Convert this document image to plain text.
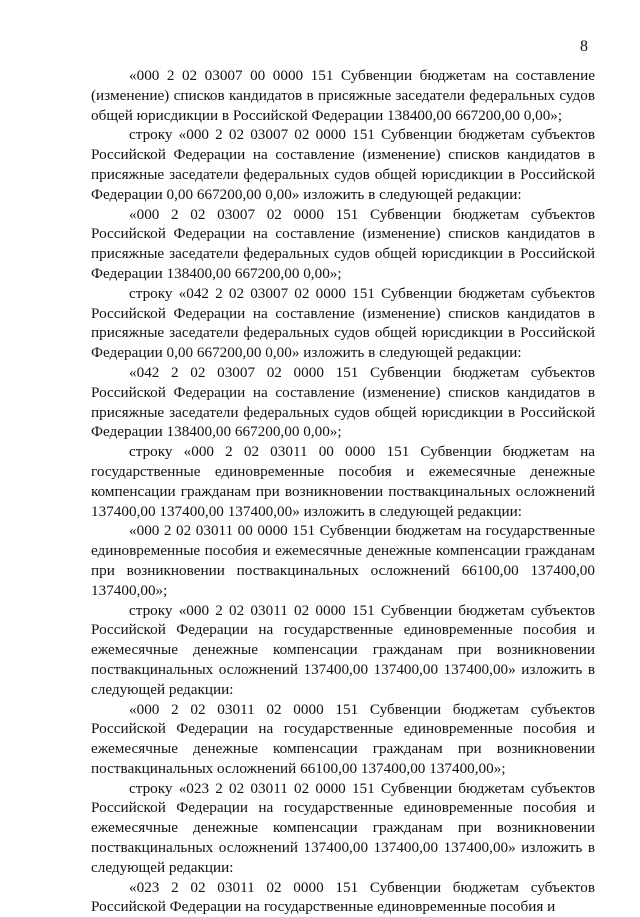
8

«000 2 02 03007 00 0000 151 Субвенции бюджетам на составление (изменение) списков кандидатов в присяжные заседатели федеральных судов общей юрисдикции в Российской Федерации 138400,00 667200,00 0,00»;

строку «000 2 02 03007 02 0000 151 Субвенции бюджетам субъектов Российской Федерации на составление (изменение) списков кандидатов в присяжные заседатели федеральных судов общей юрисдикции в Российской Федерации 0,00 667200,00 0,00» изложить в следующей редакции:

«000 2 02 03007 02 0000 151 Субвенции бюджетам субъектов Российской Федерации на составление (изменение) списков кандидатов в присяжные заседатели федеральных судов общей юрисдикции в Российской Федерации 138400,00 667200,00 0,00»;

строку «042 2 02 03007 02 0000 151 Субвенции бюджетам субъектов Российской Федерации на составление (изменение) списков кандидатов в присяжные заседатели федеральных судов общей юрисдикции в Российской Федерации 0,00 667200,00 0,00» изложить в следующей редакции:

«042 2 02 03007 02 0000 151 Субвенции бюджетам субъектов Российской Федерации на составление (изменение) списков кандидатов в присяжные заседатели федеральных судов общей юрисдикции в Российской Федерации 138400,00 667200,00 0,00»;

строку «000 2 02 03011 00 0000 151 Субвенции бюджетам на государственные единовременные пособия и ежемесячные денежные компенсации гражданам при возникновении поствакцинальных осложнений 137400,00 137400,00 137400,00» изложить в следующей редакции:

«000 2 02 03011 00 0000 151 Субвенции бюджетам на государственные единовременные пособия и ежемесячные денежные компенсации гражданам при возникновении поствакцинальных осложнений 66100,00 137400,00 137400,00»;

строку «000 2 02 03011 02 0000 151 Субвенции бюджетам субъектов Российской Федерации на государственные единовременные пособия и ежемесячные денежные компенсации гражданам при возникновении поствакцинальных осложнений 137400,00 137400,00 137400,00» изложить в следующей редакции:

«000 2 02 03011 02 0000 151 Субвенции бюджетам субъектов Российской Федерации на государственные единовременные пособия и ежемесячные денежные компенсации гражданам при возникновении поствакцинальных осложнений 66100,00 137400,00 137400,00»;

строку «023 2 02 03011 02 0000 151 Субвенции бюджетам субъектов Российской Федерации на государственные единовременные пособия и ежемесячные денежные компенсации гражданам при возникновении поствакцинальных осложнений 137400,00 137400,00 137400,00» изложить в следующей редакции:

«023 2 02 03011 02 0000 151 Субвенции бюджетам субъектов Российской Федерации на государственные единовременные пособия и
